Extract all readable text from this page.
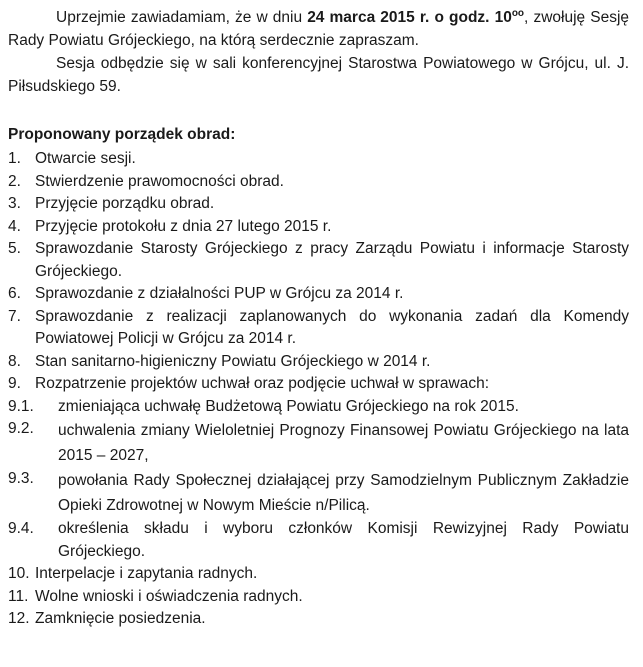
Uprzejmie zawiadamiam, że w dniu 24 marca 2015 r. o godz. $10^{oo}$, zwołuję Sesję Rady Powiatu Grójeckiego, na którą serdecznie zapraszam.

Sesja odbędzie się w sali konferencyjnej Starostwa Powiatowego w Grójcu, ul. J. Piłsudskiego 59.

Proponowany porządek obrad:
1. Otwarcie sesji.
2. Stwierdzenie prawomocności obrad.
3. Przyjęcie porządku obrad.
4. Przyjęcie protokołu z dnia 27 lutego 2015 r.
5. Sprawozdanie Starosty Grójeckiego z pracy Zarządu Powiatu i informacje Starosty Grójeckiego.
6. Sprawozdanie z działalności PUP w Grójcu za 2014 r.
7. Sprawozdanie z realizacji zaplanowanych do wykonania zadań dla Komendy Powiatowej Policji w Grójcu za 2014 r.
8. Stan sanitarno-higieniczny Powiatu Grójeckiego w 2014 r.
9. Rozpatrzenie projektów uchwał oraz podjęcie uchwał w sprawach:
9.1.	zmieniająca uchwałę Budżetową Powiatu Grójeckiego na rok 2015.
9.2.	uchwalenia zmiany Wieloletniej Prognozy Finansowej Powiatu Grójeckiego na lata 2015 – 2027,
9.3.	powołania Rady Społecznej działającej przy Samodzielnym Publicznym Zakładzie Opieki Zdrowotnej w Nowym Mieście n/Pilicą.
9.4.	określenia składu i wyboru członków Komisji Rewizyjnej Rady Powiatu Grójeckiego.
10. Interpelacje i zapytania radnych.
11. Wolne wnioski i oświadczenia radnych.
12. Zamknięcie posiedzenia.
